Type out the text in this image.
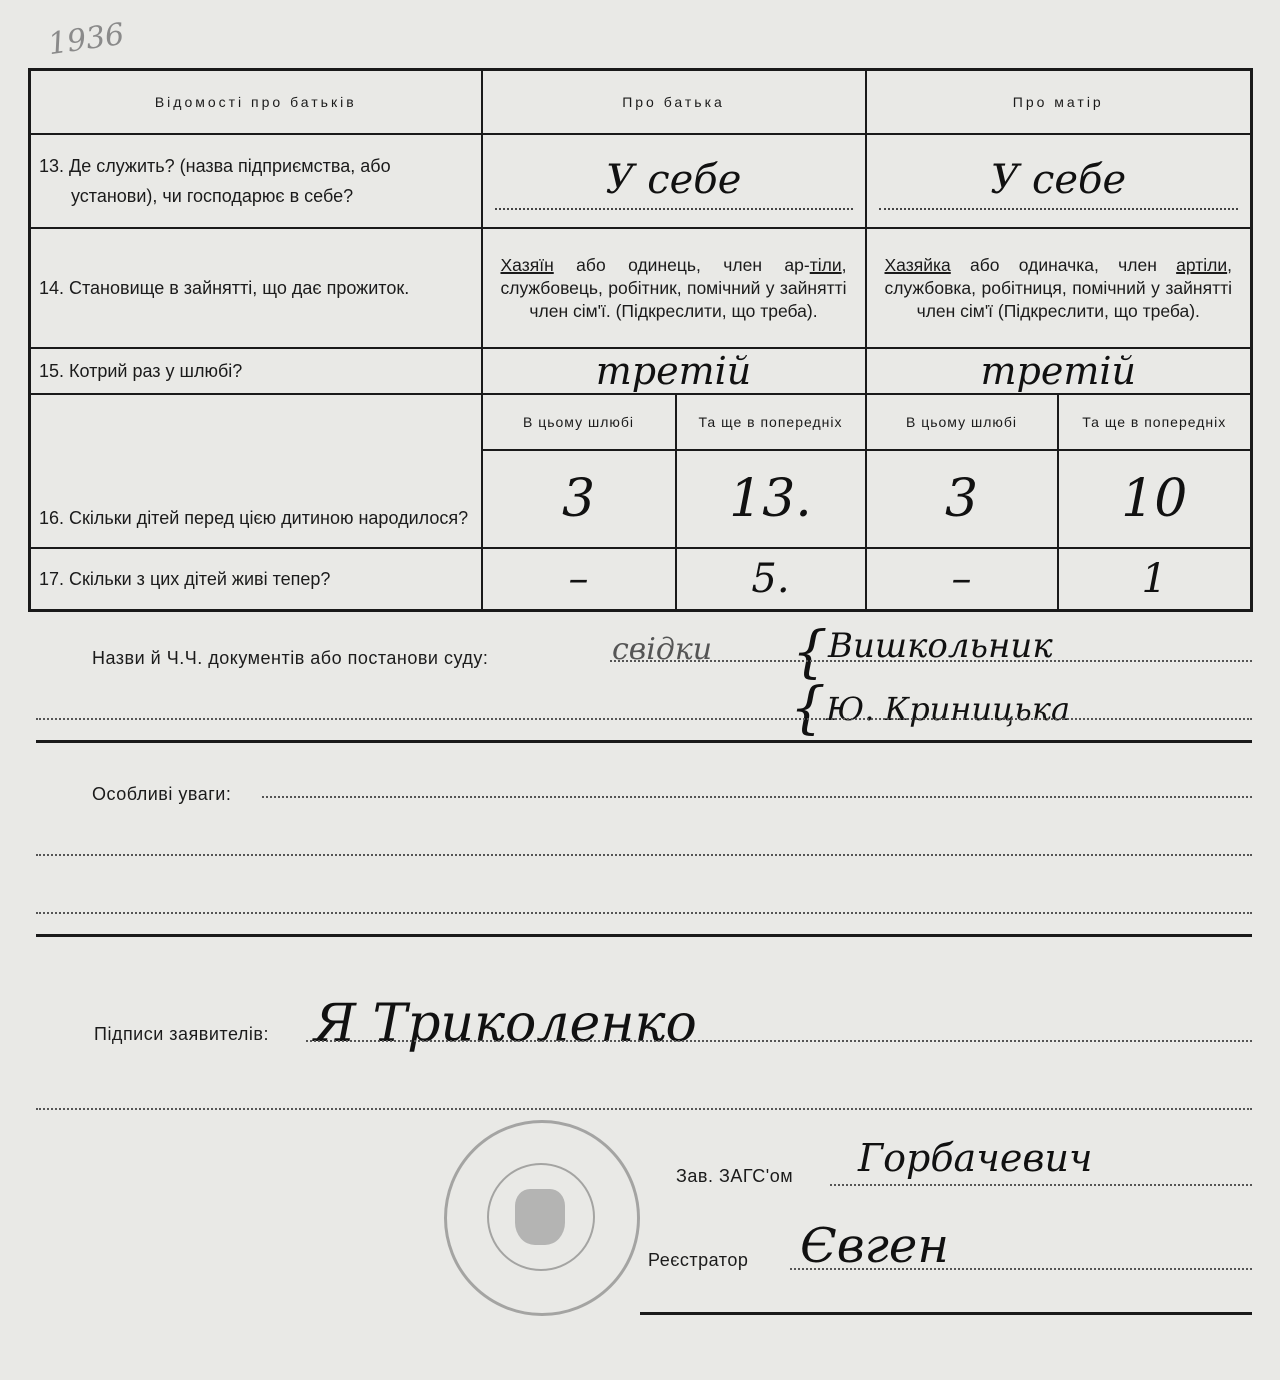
1936
Відомості про батьків	Про батька		Про матір	
13. Де служить? (назва підприємства, або установи), чи господарює в себе?	У себе		У себе	

14. Становище в зайнятті, що дає прожиток.	Хазяїн або одинець, член ар-тіли, службовець, робітник, помічний у зайнятті член сім'ї. (Підкреслити, що треба).		Хазяйка або одиначка, член артіли, службовка, робітниця, помічний у зайнятті член сім'ї (Підкреслити, що треба).	
15. Котрий раз у шлюбі?	третій		третій	
16. Скільки дітей перед цією дитиною народилося?	В цьому шлюбі	Та ще в попередніх	В цьому шлюбі	Та ще в попередніх
	3	13.	3	10
17. Скільки з цих дітей живі тепер?	–	5.	–	1
Назви й Ч.Ч. документів або постанови суду:	свідки { Вишкольник
{ Ю. Криницька
Особливі уваги:
Підписи заявителів: Я Триколенко
Зав. ЗАГС'ом Горбачевич
Реєстратор Євген
